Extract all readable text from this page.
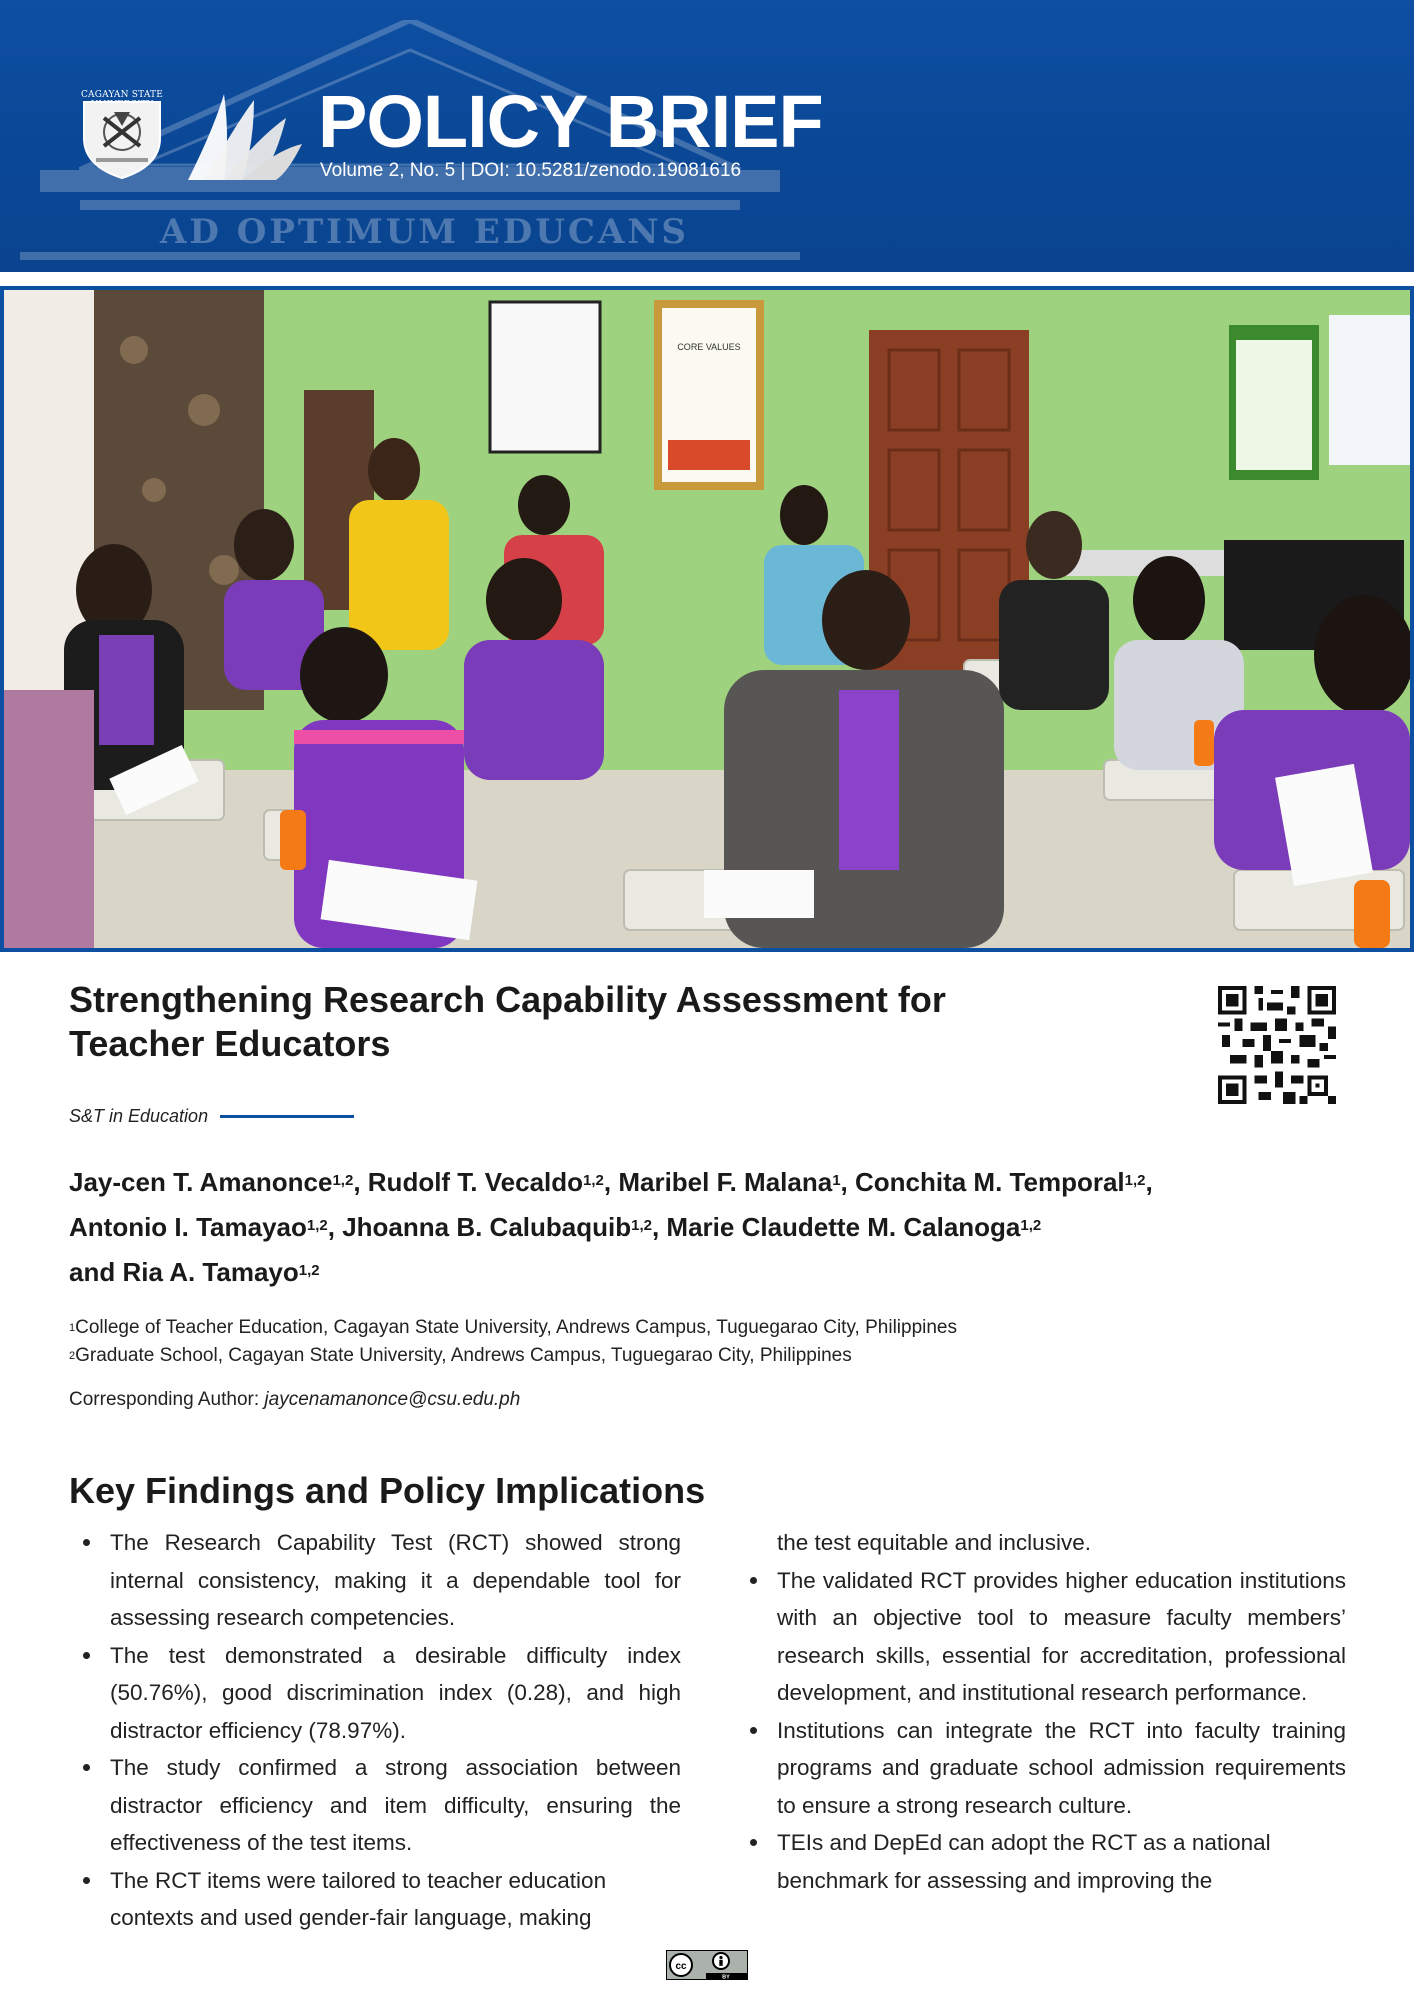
AD OPTIMUM EDUCANS
CAGAYAN STATE POLICY BRIEF
Volume 2, No. 5 | DOI: 10.5281/zenodo.19081616
CORE VALUES
Strengthening Research Capability Assessment for Teacher Educators
S&T in Education
Jay-cen T. Amanonce$^{1,2}$, Rudolf T. Vecaldo$^{1,2}$, Maribel F. Malana$^1$, Conchita M. Temporal$^{1,2}$,
Antonio I. Tamayao$^{1,2}$, Jhoanna B. Calubaquib$^{1,2}$, Marie Claudette M. Calanoga$^{1,2}$
and Ria A. Tamayo$^{1,2}$
$^1$College of Teacher Education, Cagayan State University, Andrews Campus, Tuguegarao City, Philippines
$^2$Graduate School, Cagayan State University, Andrews Campus, Tuguegarao City, Philippines
Corresponding Author: jaycenamanonce@csu.edu.ph
Key Findings and Policy Implications
The Research Capability Test (RCT) showed strong internal consistency, making it a dependable tool for assessing research competencies.
The test demonstrated a desirable difficulty index (50.76%), good discrimination index (0.28), and high distractor efficiency (78.97%).
The study confirmed a strong association between distractor efficiency and item difficulty, ensuring the effectiveness of the test items.
The RCT items were tailored to teacher education contexts and used gender-fair language, making
the test equitable and inclusive.
The validated RCT provides higher education institutions with an objective tool to measure faculty members’ research skills, essential for accreditation, professional development, and institutional research performance.
Institutions can integrate the RCT into faculty training programs and graduate school admission requirements to ensure a strong research culture.
TEIs and DepEd can adopt the RCT as a national benchmark for assessing and improving the
cc
BY
